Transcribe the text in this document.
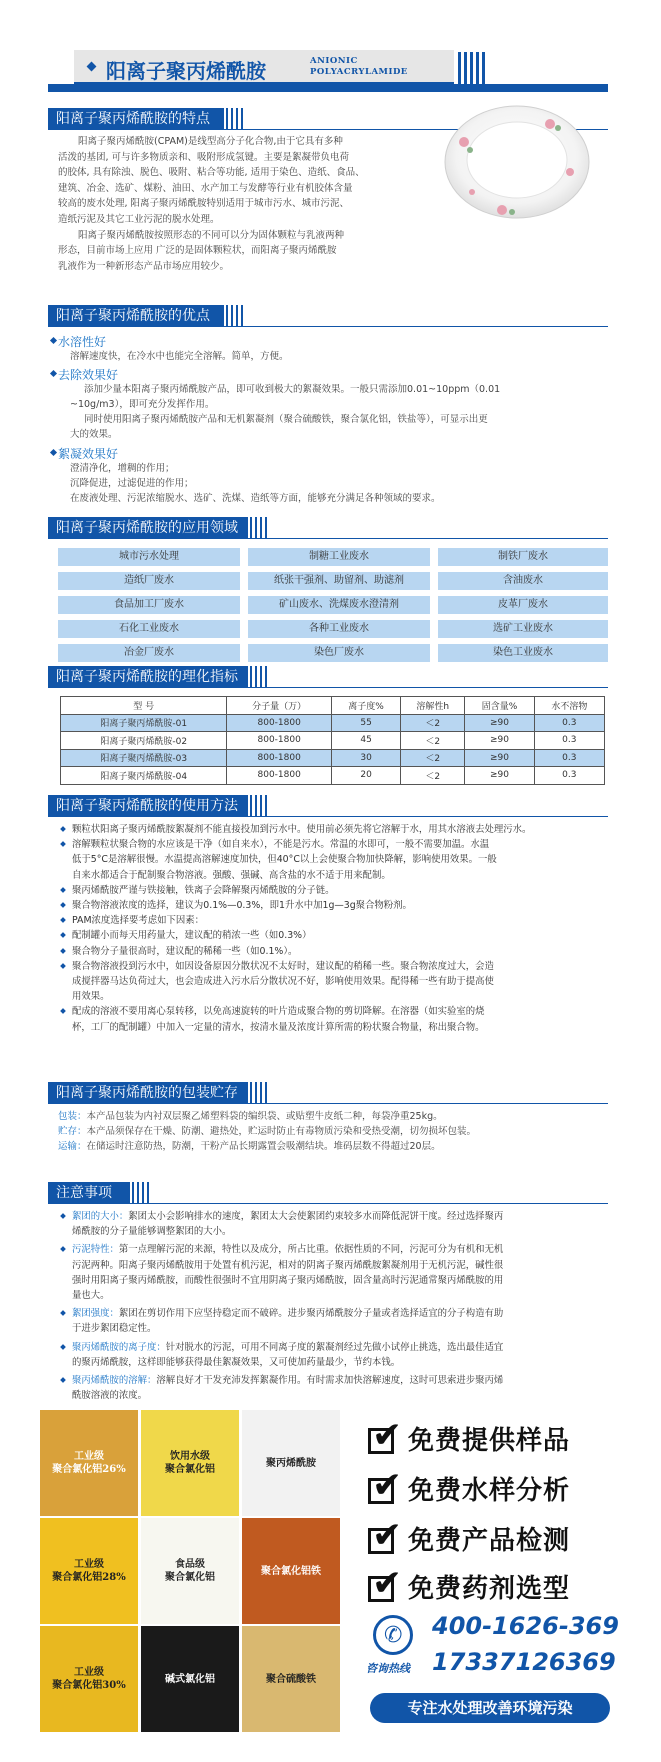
阳离子聚丙烯酰胺	ANIONIC
POLYACRYLAMIDE
阳离子聚丙烯酰胺的特点
阳离子聚丙烯酰胺(CPAM)是线型高分子化合物,由于它具有多种
活泼的基团, 可与许多物质亲和、吸附形成氢键。主要是絮凝带负电荷
的胶体, 具有除浊、脱色、吸附、粘合等功能, 适用于染色、造纸、食品、
建筑、冶金、选矿、煤粉、油田、水产加工与发酵等行业有机胶体含量
较高的废水处理, 阳离子聚丙烯酰胺特别适用于城市污水、城市污泥、
造纸污泥及其它工业污泥的脱水处理。
阳离子聚丙烯酰胺按照形态的不同可以分为固体颗粒与乳液两种
形态，目前市场上应用 广泛的是固体颗粒状，而阳离子聚丙烯酰胺
乳液作为一种新形态产品市场应用较少。
阳离子聚丙烯酰胺的优点
水溶性好
溶解速度快，在冷水中也能完全溶解。简单，方便。
去除效果好
添加少量本阳离子聚丙烯酰胺产品，即可收到极大的絮凝效果。一般只需添加0.01~10ppm（0.01
~10g/m3），即可充分发挥作用。
同时使用阳离子聚丙烯酰胺产品和无机絮凝剂（聚合硫酸铁，聚合氯化铝，铁盐等），可显示出更
大的效果。
絮凝效果好
澄清净化，增稠的作用；
沉降促进，过滤促进的作用；
在废液处理、污泥浓缩脱水、选矿、洗煤、造纸等方面，能够充分满足各种领域的要求。
阳离子聚丙烯酰胺的应用领域
城市污水处理	制糖工业废水	制铁厂废水
造纸厂废水	纸张干强剂、助留剂、助滤剂	含油废水
食品加工厂废水	矿山废水、洗煤废水澄清剂	皮革厂废水
石化工业废水	各种工业废水	选矿工业废水
冶金厂废水	染色厂废水	染色工业废水
阳离子聚丙烯酰胺的理化指标
型 号	分子量（万）	离子度%	溶解性h	固含量%	水不溶物
阳离子聚丙烯酰胺-01	800-1800	55	＜2	≥90	0.3
阳离子聚丙烯酰胺-02	800-1800	45	＜2	≥90	0.3
阳离子聚丙烯酰胺-03	800-1800	30	＜2	≥90	0.3
阳离子聚丙烯酰胺-04	800-1800	20	＜2	≥90	0.3
阳离子聚丙烯酰胺的使用方法
颗粒状阳离子聚丙烯酰胺絮凝剂不能直接投加到污水中。使用前必须先将它溶解于水，用其水溶液去处理污水。
溶解颗粒状聚合物的水应该是干净（如自来水），不能是污水。常温的水即可，一般不需要加温。水温
低于5°C是溶解很慢。水温提高溶解速度加快，但40°C以上会使聚合物加快降解，影响使用效果。一般
自来水都适合于配制聚合物溶液。强酸、强碱、高含盐的水不适于用来配制。
聚丙烯酰胺严谨与铁接触，铁离子会降解聚丙烯酰胺的分子链。
聚合物溶液浓度的选择，建议为0.1%—0.3%，即1升水中加1g—3g聚合物粉剂。
PAM浓度选择要考虑如下因素：
配制罐小而每天用药量大，建议配的稍浓一些（如0.3%）
聚合物分子量很高时，建议配的稀稀一些（如0.1%）。
聚合物溶液投到污水中，如因设备原因分散状况不太好时，建议配的稍稀一些。聚合物浓度过大，会造
成搅拌器马达负荷过大，也会造成进入污水后分散状况不好，影响使用效果。配得稀一些有助于提高使
用效果。
配成的溶液不要用离心泵转移，以免高速旋转的叶片造成聚合物的剪切降解。在溶器（如实验室的烧
杯，工厂的配制罐）中加入一定量的清水，按清水量及浓度计算所需的粉状聚合物量，称出聚合物。
阳离子聚丙烯酰胺的包装贮存
包装：本产品包装为内衬双层聚乙烯塑料袋的编织袋、或贴塑牛皮纸二种，每袋净重25kg。
贮存：本产品须保存在干燥、防潮、避热处，贮运时防止有毒物质污染和受热受潮，切勿损坏包装。
运输：在储运时注意防热，防潮，干粉产品长期露置会吸潮结块。堆码层数不得超过20层。
注意事项
絮团的大小：絮团太小会影响排水的速度，絮团太大会使絮团约束较多水而降低泥饼干度。经过选择聚丙
烯酰胺的分子量能够调整絮团的大小。
污泥特性：第一点理解污泥的来源，特性以及成分，所占比重。依据性质的不同，污泥可分为有机和无机
污泥两种。阳离子聚丙烯酰胺用于处置有机污泥，相对的阴离子聚丙烯酰胺絮凝剂用于无机污泥，碱性很
强时用阳离子聚丙烯酰胺，而酸性很强时不宜用阴离子聚丙烯酰胺，固含量高时污泥通常聚丙烯酰胺的用
量也大。
絮团强度：絮团在剪切作用下应坚持稳定而不破碎。进步聚丙烯酰胺分子量或者选择适宜的分子构造有助
于进步絮团稳定性。
聚丙烯酰胺的离子度：针对脱水的污泥，可用不同离子度的絮凝剂经过先做小试停止挑选，选出最佳适宜
的聚丙烯酰胺，这样即能够获得最佳絮凝效果，又可使加药量最少，节约本钱。
聚丙烯酰胺的溶解：溶解良好才干发充沛发挥絮凝作用。有时需求加快溶解速度，这时可思索进步聚丙烯
酰胺溶液的浓度。
工业级
聚合氯化铝26%
饮用水级
聚合氯化铝
聚丙烯酰胺
工业级
聚合氯化铝28%
食品级
聚合氯化铝
聚合氯化铝铁
工业级
聚合氯化铝30%
碱式氯化铝	聚合硫酸铁
✔ 免费提供样品
✔ 免费水样分析
✔ 免费产品检测
✔ 免费药剂选型
✆
咨询热线
400-1626-369
17337126369
专注水处理改善环境污染
